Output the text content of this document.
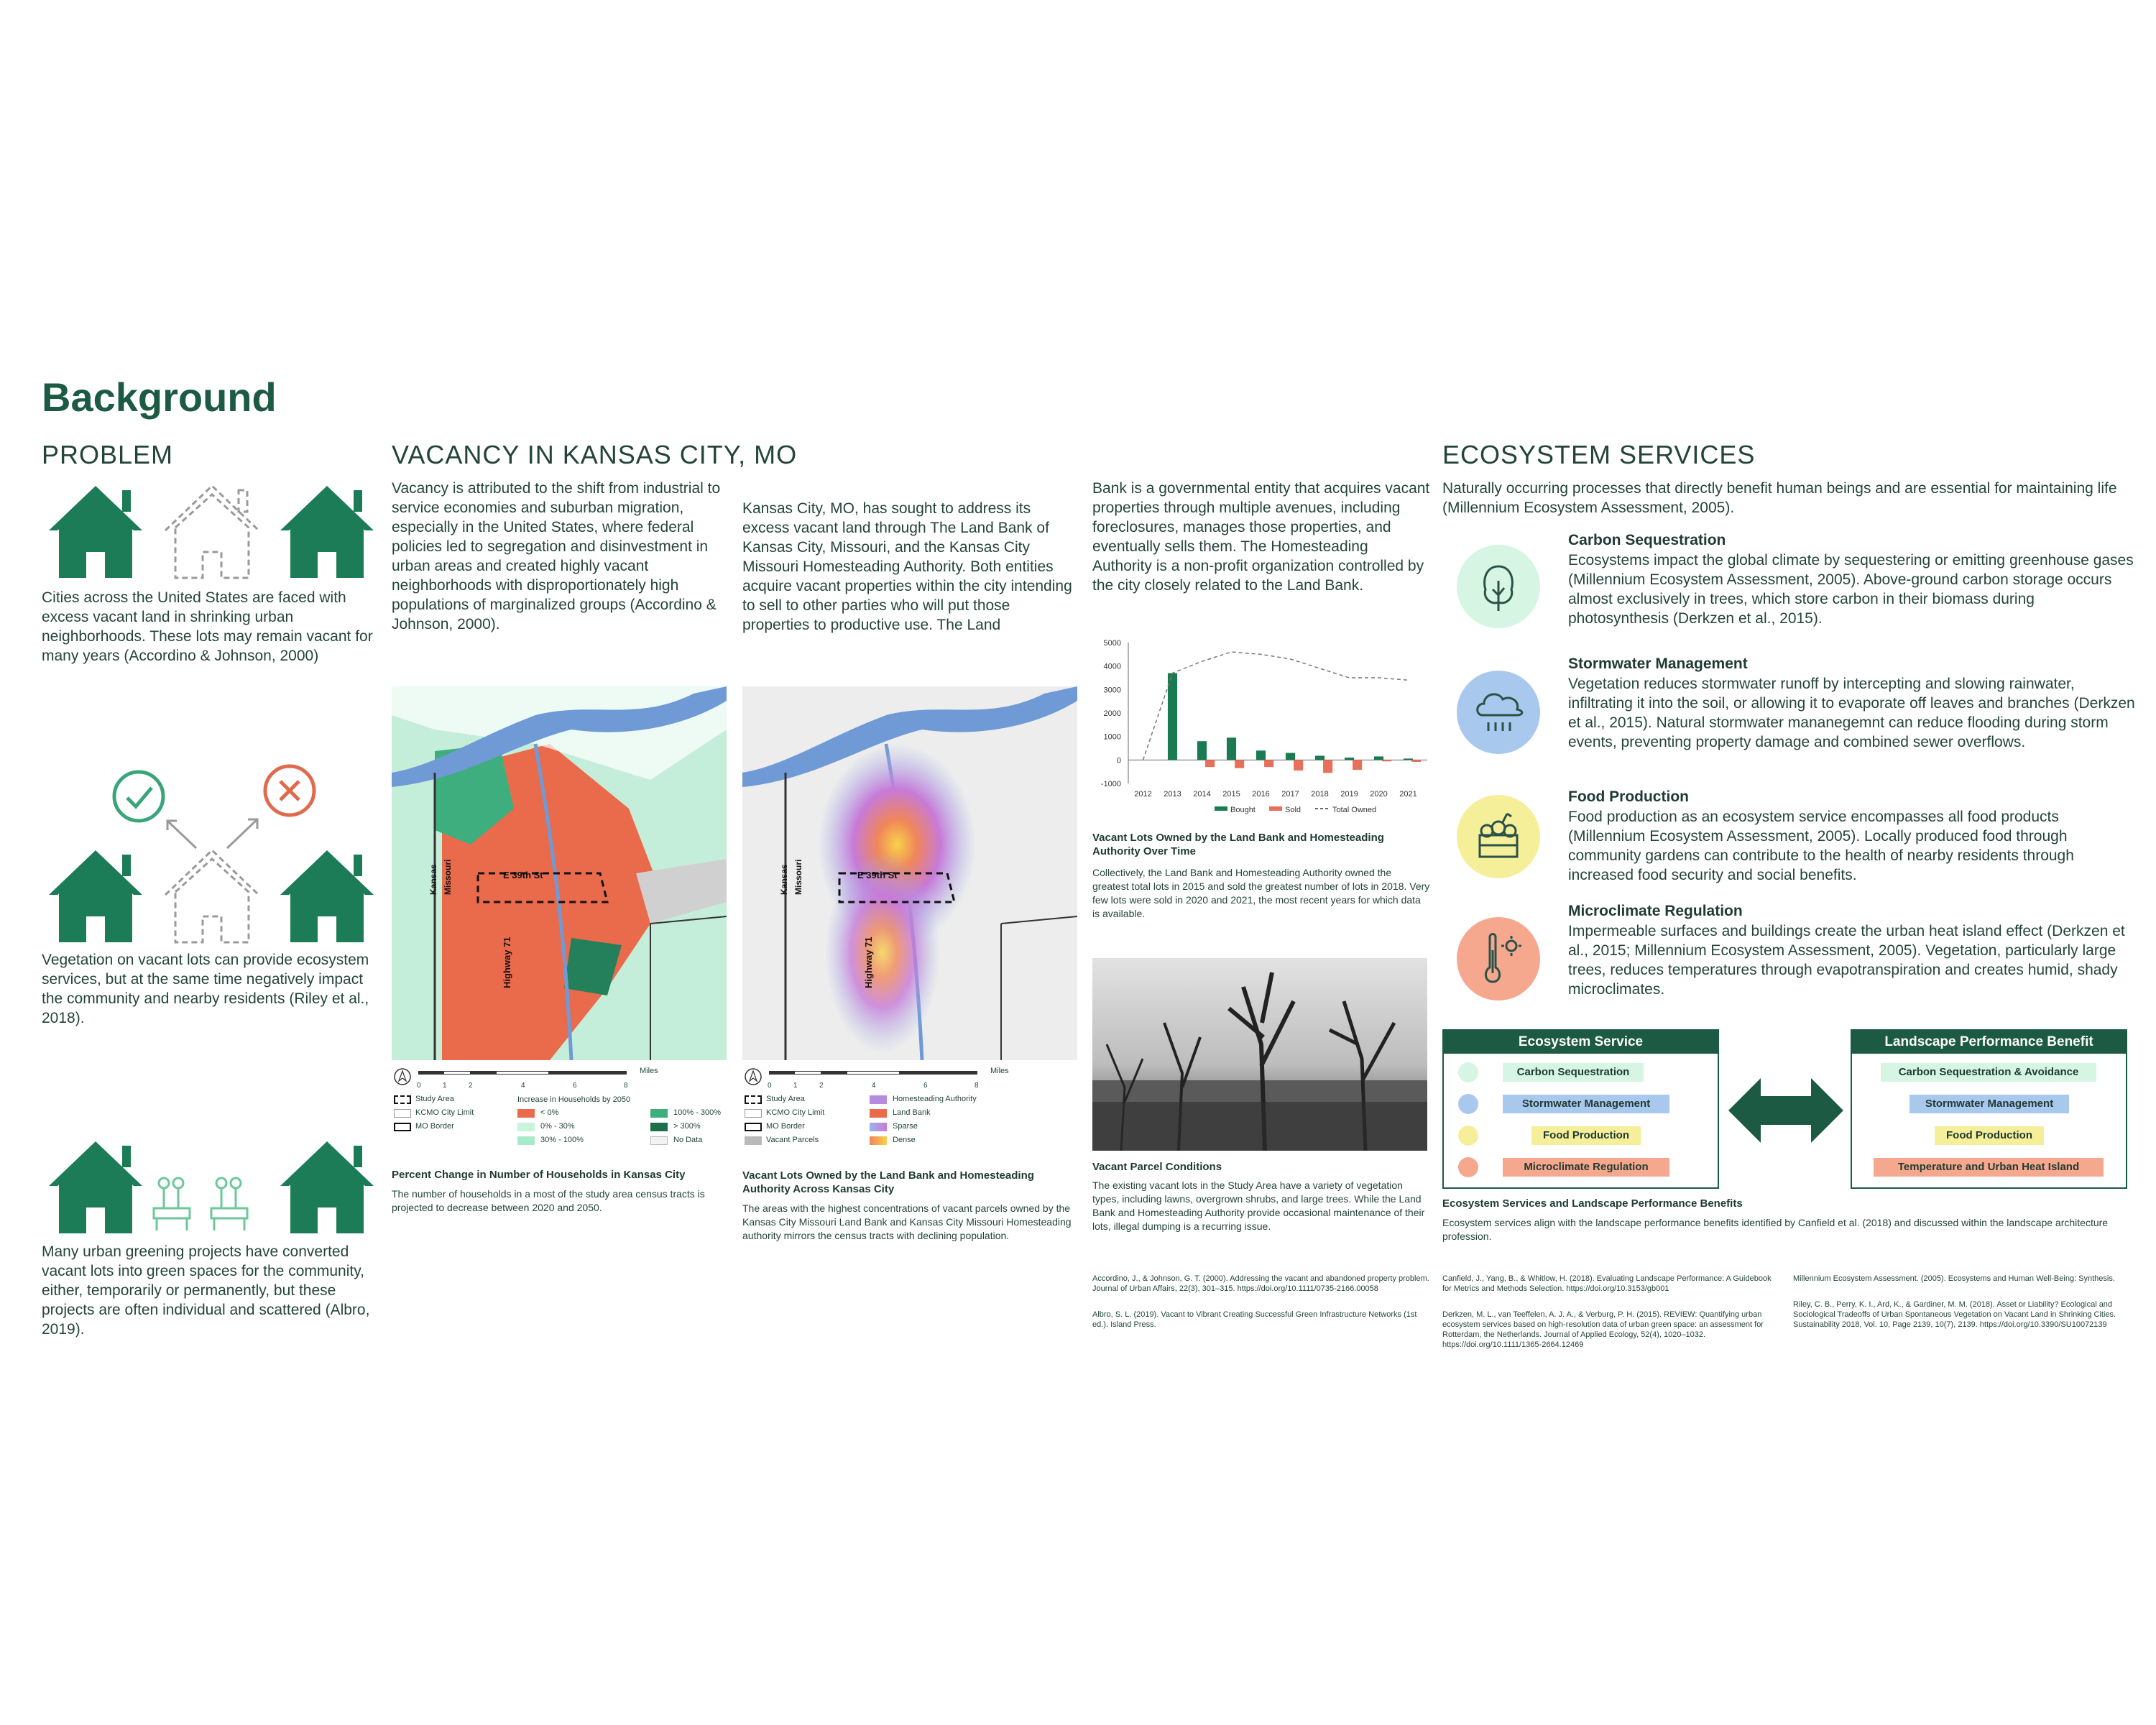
Background
PROBLEM
Cities across the United States are faced with excess vacant land in shrinking urban neighborhoods. These lots may remain vacant for many years (Accordino & Johnson, 2000)
Vegetation on vacant lots can provide ecosystem services, but at the same time negatively impact the community and nearby residents (Riley et al., 2018).
Many urban greening projects have converted vacant lots into green spaces for the community, either, temporarily or permanently, but these projects are often individual and scattered (Albro, 2019).
VACANCY IN KANSAS CITY, MO
Vacancy is attributed to the shift from industrial to service economies and suburban migration, especially in the United States, where federal policies led to segregation and disinvestment in urban areas and created highly vacant neighborhoods with disproportionately high populations of marginalized groups (Accordino & Johnson, 2000).
Kansas City, MO, has sought to address its excess vacant land through The Land Bank of Kansas City, Missouri, and the Kansas City Missouri Homesteading Authority. Both entities acquire vacant properties within the city intending to sell to other parties who will put those properties to productive use. The Land
Bank is a governmental entity that acquires vacant properties through multiple avenues, including foreclosures, manages those properties, and eventually sells them. The Homesteading Authority is a non-profit organization controlled by the city closely related to the Land Bank.
E 39th St
Highway 71
Kansas Missouri
0	1	2	4	6	8
Miles
Study Area
KCMO City Limit
MO Border
Increase in Households by 2050
< 0%
0% - 30%
30% - 100%
100% - 300%
> 300%
No Data
Percent Change in Number of Households in Kansas City
The number of households in a most of the study area census tracts is projected to decrease between 2020 and 2050.
E 39th St
Highway 71
Kansas Missouri
0	1	2	4	6	8
Miles
Study Area
KCMO City Limit
MO Border
Vacant Parcels
Homesteading Authority
Land Bank
Sparse
Dense
Vacant Lots Owned by the Land Bank and Homesteading Authority Across Kansas City
The areas with the highest concentrations of vacant parcels owned by the Kansas City Missouri Land Bank and Kansas City Missouri Homesteading authority mirrors the census tracts with declining population.
5000
4000
3000
2000
1000
0
-1000
2012 2013 2014 2015 2016 2017 2018 2019 2020 2021
Bought	Sold	Total Owned
Vacant Lots Owned by the Land Bank and Homesteading Authority Over Time
Collectively, the Land Bank and Homesteading Authority owned the greatest total lots in 2015 and sold the greatest number of lots in 2018. Very few lots were sold in 2020 and 2021, the most recent years for which data is available.
Vacant Parcel Conditions
The existing vacant lots in the Study Area have a variety of vegetation types, including lawns, overgrown shrubs, and large trees. While the Land Bank and Homesteading Authority provide occasional maintenance of their lots, illegal dumping is a recurring issue.
ECOSYSTEM SERVICES
Naturally occurring processes that directly benefit human beings and are essential for maintaining life (Millennium Ecosystem Assessment, 2005).
Carbon Sequestration
Ecosystems impact the global climate by sequestering or emitting greenhouse gases (Millennium Ecosystem Assessment, 2005). Above-ground carbon storage occurs almost exclusively in trees, which store carbon in their biomass during photosynthesis (Derkzen et al., 2015).
Stormwater Management
Vegetation reduces stormwater runoff by intercepting and slowing rainwater, infiltrating it into the soil, or allowing it to evaporate off leaves and branches (Derkzen et al., 2015). Natural stormwater mananegemnt can reduce flooding during storm events, preventing property damage and combined sewer overflows.
Food Production
Food production as an ecosystem service encompasses all food products (Millennium Ecosystem Assessment, 2005). Locally produced food through community gardens can contribute to the health of nearby residents through increased food security and social benefits.
Microclimate Regulation
Impermeable surfaces and buildings create the urban heat island effect (Derkzen et al., 2015; Millennium Ecosystem Assessment, 2005). Vegetation, particularly large trees, reduces temperatures through evapotranspiration and creates humid, shady microclimates.
Ecosystem Service
Carbon Sequestration
Stormwater Management
Food Production
Microclimate Regulation
Landscape Performance Benefit
Carbon Sequestration & Avoidance
Stormwater Management
Food Production
Temperature and Urban Heat Island
Ecosystem Services and Landscape Performance Benefits
Ecosystem services align with the landscape performance benefits identified by Canfield et al. (2018) and discussed within the landscape architecture profession.
Accordino, J., & Johnson, G. T. (2000). Addressing the vacant and abandoned property problem. Journal of Urban Affairs, 22(3), 301–315. https://doi.org/10.1111/0735-2166.00058
Albro, S. L. (2019). Vacant to Vibrant Creating Successful Green Infrastructure Networks (1st ed.). Island Press.
Canfield, J., Yang, B., & Whitlow, H. (2018). Evaluating Landscape Performance: A Guidebook for Metrics and Methods Selection. https://doi.org/10.3153/gb001
Derkzen, M. L., van Teeffelen, A. J. A., & Verburg, P. H. (2015). REVIEW: Quantifying urban ecosystem services based on high-resolution data of urban green space: an assessment for Rotterdam, the Netherlands. Journal of Applied Ecology, 52(4), 1020–1032. https://doi.org/10.1111/1365-2664.12469
Millennium Ecosystem Assessment. (2005). Ecosystems and Human Well-Being: Synthesis.
Riley, C. B., Perry, K. I., Ard, K., & Gardiner, M. M. (2018). Asset or Liability? Ecological and Sociological Tradeoffs of Urban Spontaneous Vegetation on Vacant Land in Shrinking Cities. Sustainability 2018, Vol. 10, Page 2139, 10(7), 2139. https://doi.org/10.3390/SU10072139
